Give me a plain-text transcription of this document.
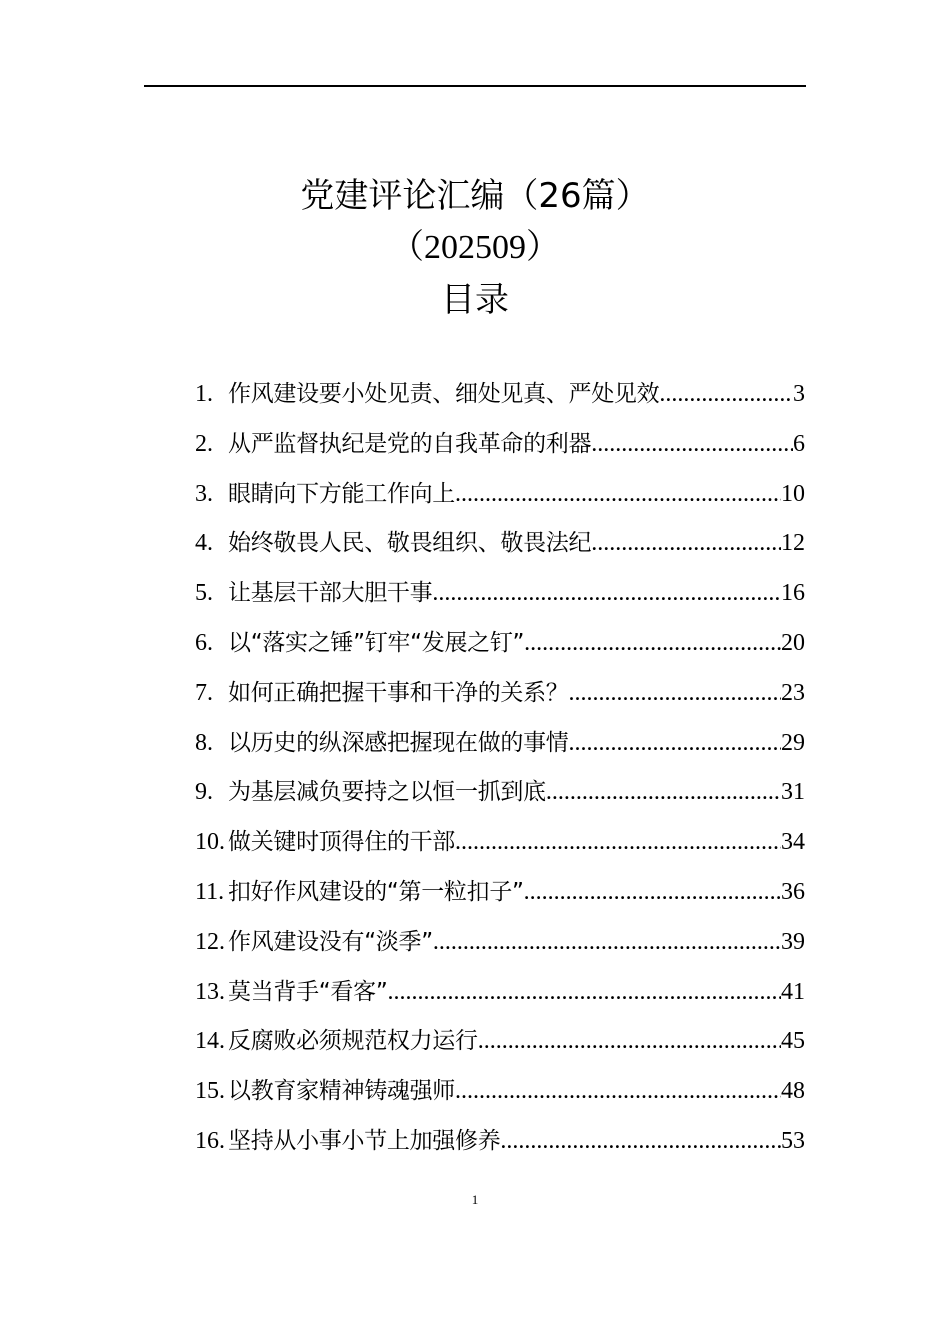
党建评论汇编（26篇）
（202509）
目录
1. 作风建设要小处见责、细处见真、严处见效 .....	3
2. 从严监督执纪是党的自我革命的利器 .....	6
3. 眼睛向下方能工作向上 .....	10
4. 始终敬畏人民、敬畏组织、敬畏法纪 .....	12
5. 让基层干部大胆干事 .....	16
6. 以“落实之锤”钉牢“发展之钉” .....	20
7. 如何正确把握干事和干净的关系？ .....	23
8. 以历史的纵深感把握现在做的事情 .....	29
9. 为基层减负要持之以恒一抓到底 .....	31
10. 做关键时顶得住的干部 .....	34
11. 扣好作风建设的“第一粒扣子” .....	36
12. 作风建设没有“淡季” .....	39
13. 莫当背手“看客” .....	41
14. 反腐败必须规范权力运行 .....	45
15. 以教育家精神铸魂强师 .....	48
16. 坚持从小事小节上加强修养 .....	53
1
